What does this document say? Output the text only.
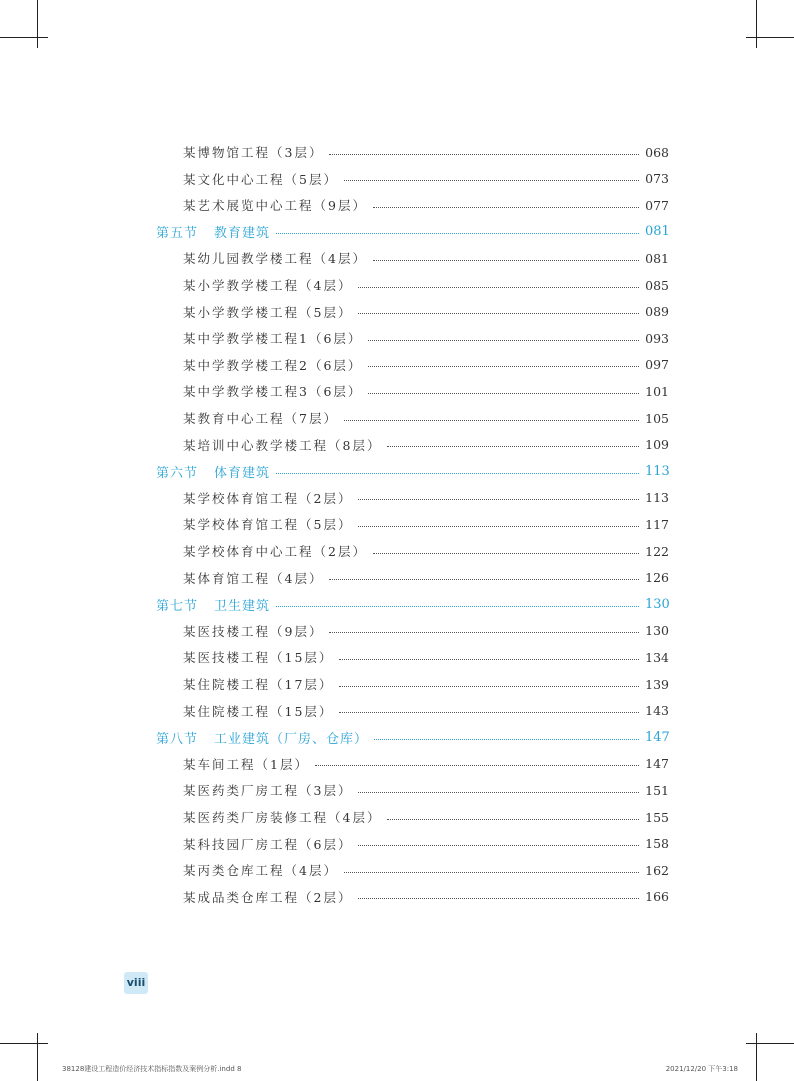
某博物馆工程（3层）	068
某文化中心工程（5层）	073
某艺术展览中心工程（9层）	077
第五节 教育建筑	081
某幼儿园教学楼工程（4层）	081
某小学教学楼工程（4层）	085
某小学教学楼工程（5层）	089
某中学教学楼工程1（6层）	093
某中学教学楼工程2（6层）	097
某中学教学楼工程3（6层）	101
某教育中心工程（7层）	105
某培训中心教学楼工程（8层）	109
第六节 体育建筑	113
某学校体育馆工程（2层）	113
某学校体育馆工程（5层）	117
某学校体育中心工程（2层）	122
某体育馆工程（4层）	126
第七节 卫生建筑	130
某医技楼工程（9层）	130
某医技楼工程（15层）	134
某住院楼工程（17层）	139
某住院楼工程（15层）	143
第八节 工业建筑（厂房、仓库）	147
某车间工程（1层）	147
某医药类厂房工程（3层）	151
某医药类厂房装修工程（4层）	155
某科技园厂房工程（6层）	158
某丙类仓库工程（4层）	162
某成品类仓库工程（2层）	166
viii
38128建设工程造价经济技术指标指数及案例分析.indd 8	2021/12/20 下午3:18
